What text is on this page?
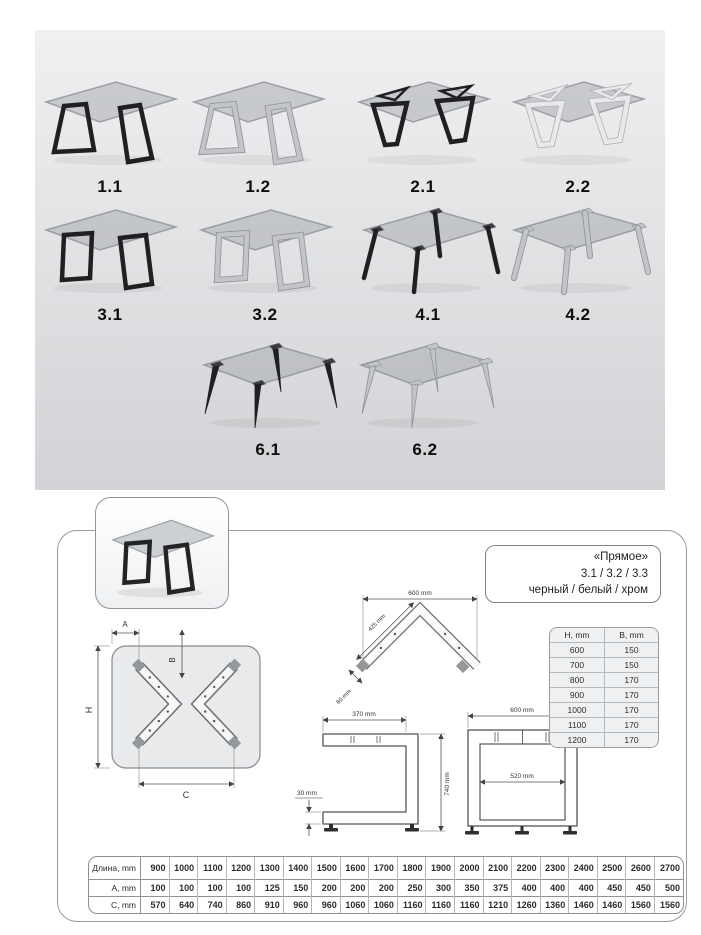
1.1	1.2	2.1	2.2
3.1	3.2	4.1	4.2
6.1	6.2
«Прямое»
3.1 / 3.2 / 3.3
черный / белый / хром
A
B
H
C
600 mm
425 mm
60 mm
370 mm
740 mm
30 mm
600 mm
520 mm
H, mm	B, mm
600	150
700	150
800	170
900	170
1000	170
1100	170
1200	170
Длина, mm	900	1000	1100	1200	1300	1400	1500	1600	1700	1800	1900	2000	2100	2200	2300	2400	2500	2600	2700
A, mm	100	100	100	100	125	150	200	200	200	250	300	350	375	400	400	400	450	450	500
C, mm	570	640	740	860	910	960	960	1060	1060	1160	1160	1160	1210	1260	1360	1460	1460	1560	1560
